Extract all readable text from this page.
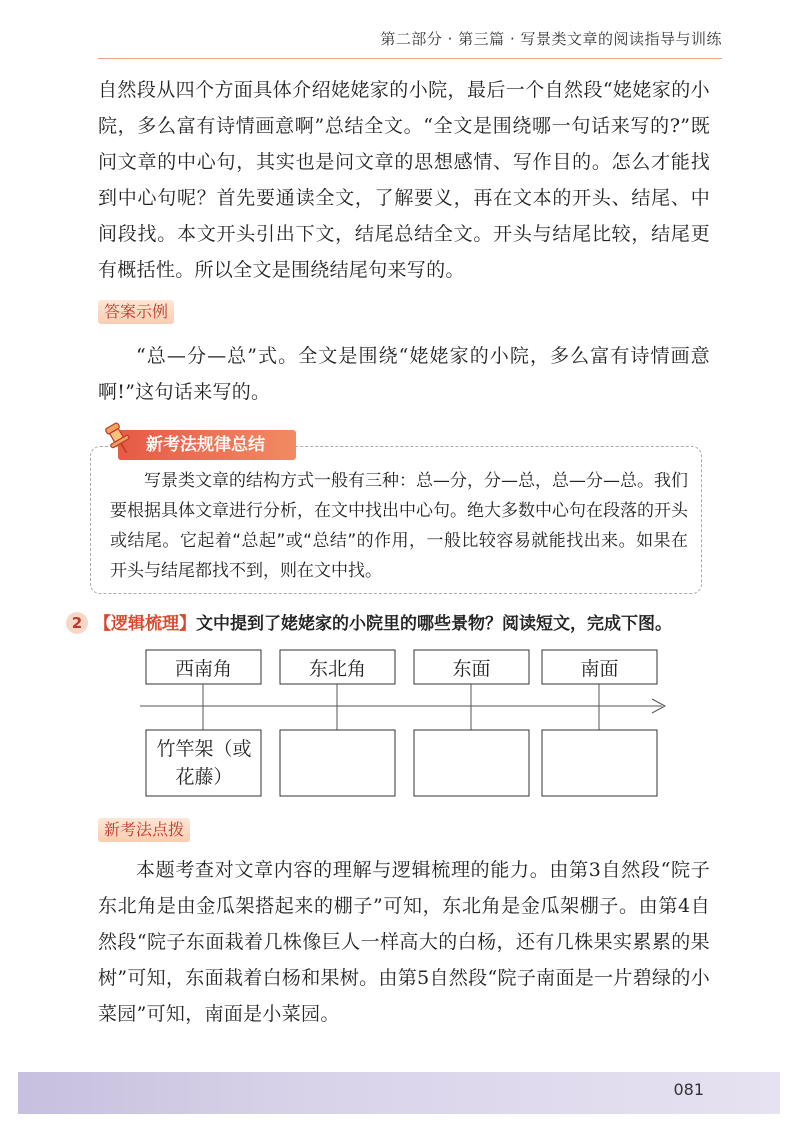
第二部分 · 第三篇 · 写景类文章的阅读指导与训练
自然段从四个方面具体介绍姥姥家的小院，最后一个自然段“姥姥家的小院，多么富有诗情画意啊”总结全文。“全文是围绕哪一句话来写的?”既问文章的中心句，其实也是问文章的思想感情、写作目的。怎么才能找到中心句呢？首先要通读全文，了解要义，再在文本的开头、结尾、中间段找。本文开头引出下文，结尾总结全文。开头与结尾比较，结尾更有概括性。所以全文是围绕结尾句来写的。
答案示例
“总—分—总”式。全文是围绕“姥姥家的小院，多么富有诗情画意啊!”这句话来写的。
新考法规律总结
写景类文章的结构方式一般有三种：总—分，分—总，总—分—总。我们要根据具体文章进行分析，在文中找出中心句。绝大多数中心句在段落的开头或结尾。它起着“总起”或“总结”的作用，一般比较容易就能找出来。如果在开头与结尾都找不到，则在文中找。
2 【逻辑梳理】 文中提到了姥姥家的小院里的哪些景物？阅读短文，完成下图。
西南角	东北角	东面	南面
竹竿架（或花藤）
新考法点拨
本题考查对文章内容的理解与逻辑梳理的能力。由第3自然段“院子东北角是由金瓜架搭起来的棚子”可知，东北角是金瓜架棚子。由第4自然段“院子东面栽着几株像巨人一样高大的白杨，还有几株果实累累的果树”可知，东面栽着白杨和果树。由第5自然段“院子南面是一片碧绿的小菜园”可知，南面是小菜园。
081
